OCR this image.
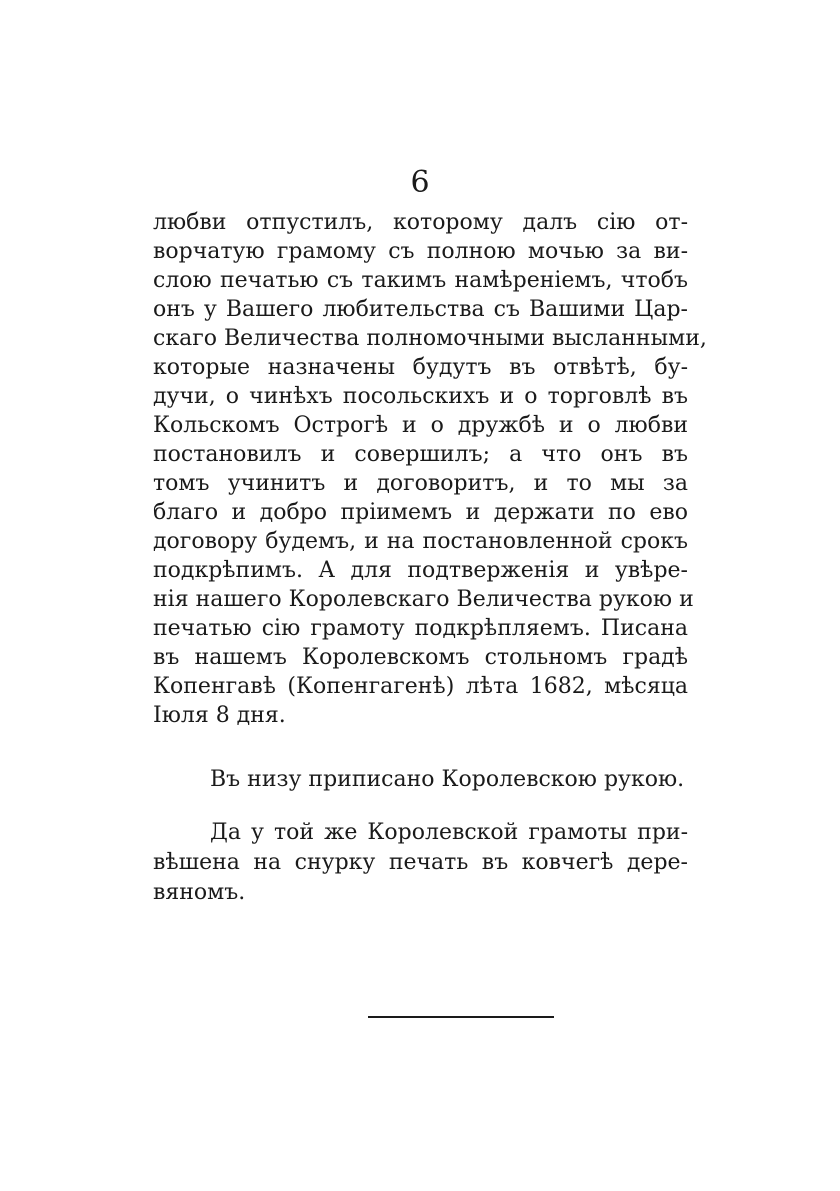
6
любви отпустилъ, которому далъ сію от-
ворчатую грамому съ полною мочью за ви-
слою печатью съ такимъ намѣреніемъ, чтобъ
онъ у Вашего любительства съ Вашими Цар-
скаго Величества полномочными высланными,
которые назначены будутъ въ отвѣтѣ, бу-
дучи, о чинѣхъ посольскихъ и о торговлѣ въ
Кольскомъ Острогѣ и о дружбѣ и о любви
постановилъ и совершилъ; а что онъ въ
томъ учинитъ и договоритъ, и то мы за
благо и добро пріимемъ и держати по ево
договору будемъ, и на постановленной срокъ
подкрѣпимъ. А для подтверженія и увѣре-
нія нашего Королевскаго Величества рукою и
печатью сію грамоту подкрѣпляемъ. Писана
въ нашемъ Королевскомъ стольномъ градѣ
Копенгавѣ (Копенгагенѣ) лѣта 1682, мѣсяца
Іюля 8 дня.
Въ низу приписано Королевскою рукою.
Да у той же Королевской грамоты при-
вѣшена на снурку печать въ ковчегѣ дере-
вяномъ.
